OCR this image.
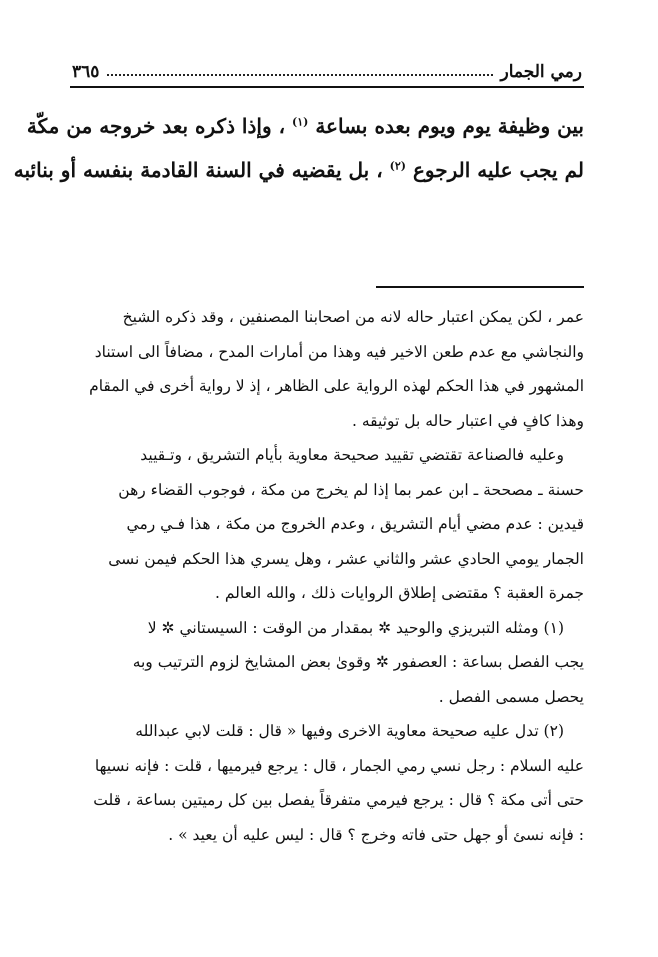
رمي الجمار
٣٦٥

بين وظيفة يوم ويوم بعده بساعة $^{(١)}$ ، وإذا ذكره بعد خروجه من مكّة

لم يجب عليه الرجوع $^{(٢)}$ ، بل يقضيه في السنة القادمة بنفسه أو بنائبه

عمر ، لكن يمكن اعتبار حاله لانه من اصحابنا المصنفين ، وقد ذكره الشيخ

والنجاشي مع عدم طعن الاخير فيه وهذا من أمارات المدح ، مضافاً الى استناد

المشهور في هذا الحكم لهذه الرواية على الظاهر ، إذ لا رواية أخرى في المقام

وهذا كافٍ في اعتبار حاله بل توثيقه .

وعليه فالصناعة تقتضي تقييد صحيحة معاوية بأيام التشريق ، وتـقييد

حسنة ـ مصححة ـ ابن عمر بما إذا لم يخرج من مكة ، فوجوب القضاء رهن

قيدين : عدم مضي أيام التشريق ، وعدم الخروج من مكة ، هذا فـي رمي

الجمار يومي الحادي عشر والثاني عشر ، وهل يسري هذا الحكم فيمن نسى

جمرة العقبة ؟ مقتضى إطلاق الروايات ذلك ، والله العالم .

(١) ومثله التبريزي والوحيد ✲ بمقدار من الوقت : السيستاني ✲ لا

يجب الفصل بساعة : العصفور ✲ وقوىٰ بعض المشايخ لزوم الترتيب وبه

يحصل مسمى الفصل .

(٢) تدل عليه صحيحة معاوية الاخرى وفيها « قال : قلت لابي عبدالله

عليه السلام : رجل نسي رمي الجمار ، قال : يرجع فيرميها ، قلت : فإنه نسيها

حتى أتى مكة ؟ قال : يرجع فيرمي متفرقاً يفصل بين كل رميتين بساعة ، قلت

: فإنه نسئ أو جهل حتى فاته وخرج ؟ قال : ليس عليه أن يعيد » .
